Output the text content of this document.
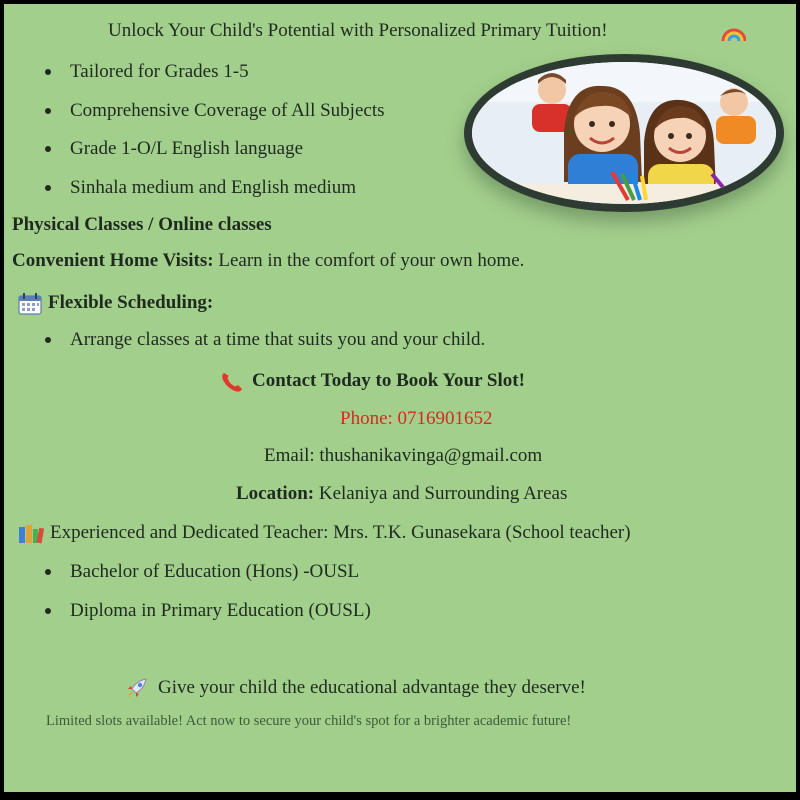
Unlock Your Child's Potential with Personalized Primary Tuition!
Tailored for Grades 1-5
Comprehensive Coverage of All Subjects
Grade 1-O/L English language
Sinhala medium and English medium
Physical Classes / Online classes
Convenient Home Visits: Learn in the comfort of your own home.
Flexible Scheduling:
Arrange classes at a time that suits you and your child.
Contact Today to Book Your Slot!
Phone: 0716901652
Email: thushanikavinga@gmail.com
Location: Kelaniya and Surrounding Areas
Experienced and Dedicated Teacher: Mrs. T.K. Gunasekara (School teacher)
Bachelor of Education (Hons) -OUSL
Diploma in Primary Education (OUSL)
Give your child the educational advantage they deserve!
Limited slots available! Act now to secure your child's spot for a brighter academic future!
